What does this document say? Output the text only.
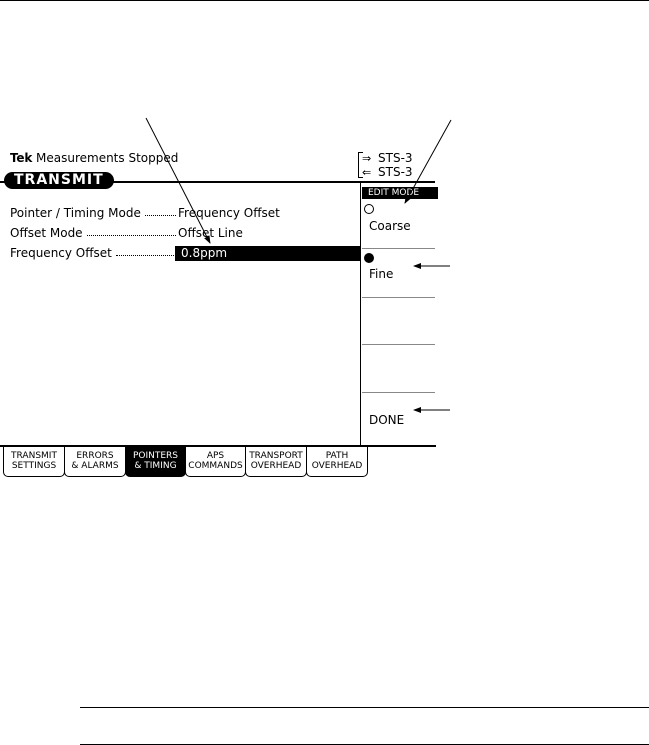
Tek Measurements Stopped
TRANSMIT
⇒ STS-3
⇐ STS-3
Pointer / Timing Mode	Frequency Offset
Offset Mode	Offset Line
Frequency Offset	0.8ppm
EDIT MODE
Coarse
Fine
DONE
TRANSMIT
SETTINGS
ERRORS
& ALARMS
POINTERS
& TIMING
APS
COMMANDS
TRANSPORT
OVERHEAD
PATH
OVERHEAD
